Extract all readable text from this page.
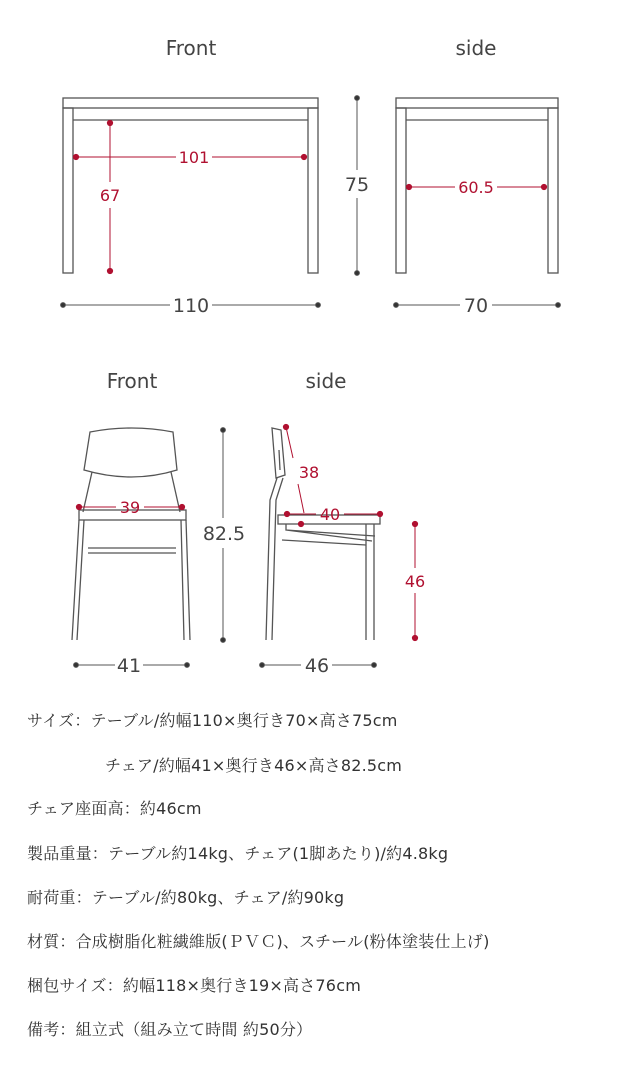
Front	side
Front	side
110
75
70
82.5
41	46
101
67	60.5
39
38
40
46
サイズ：テーブル/約幅110×奥行き70×高さ75cm
チェア/約幅41×奥行き46×高さ82.5cm
チェア座面高：約46cm
製品重量：テーブル約14kg、チェア(1脚あたり)/約4.8kg
耐荷重：テーブル/約80kg、チェア/約90kg
材質：合成樹脂化粧繊維版(ＰＶＣ)、スチール(粉体塗装仕上げ)
梱包サイズ：約幅118×奥行き19×高さ76cm
備考：組立式（組み立て時間 約50分）
